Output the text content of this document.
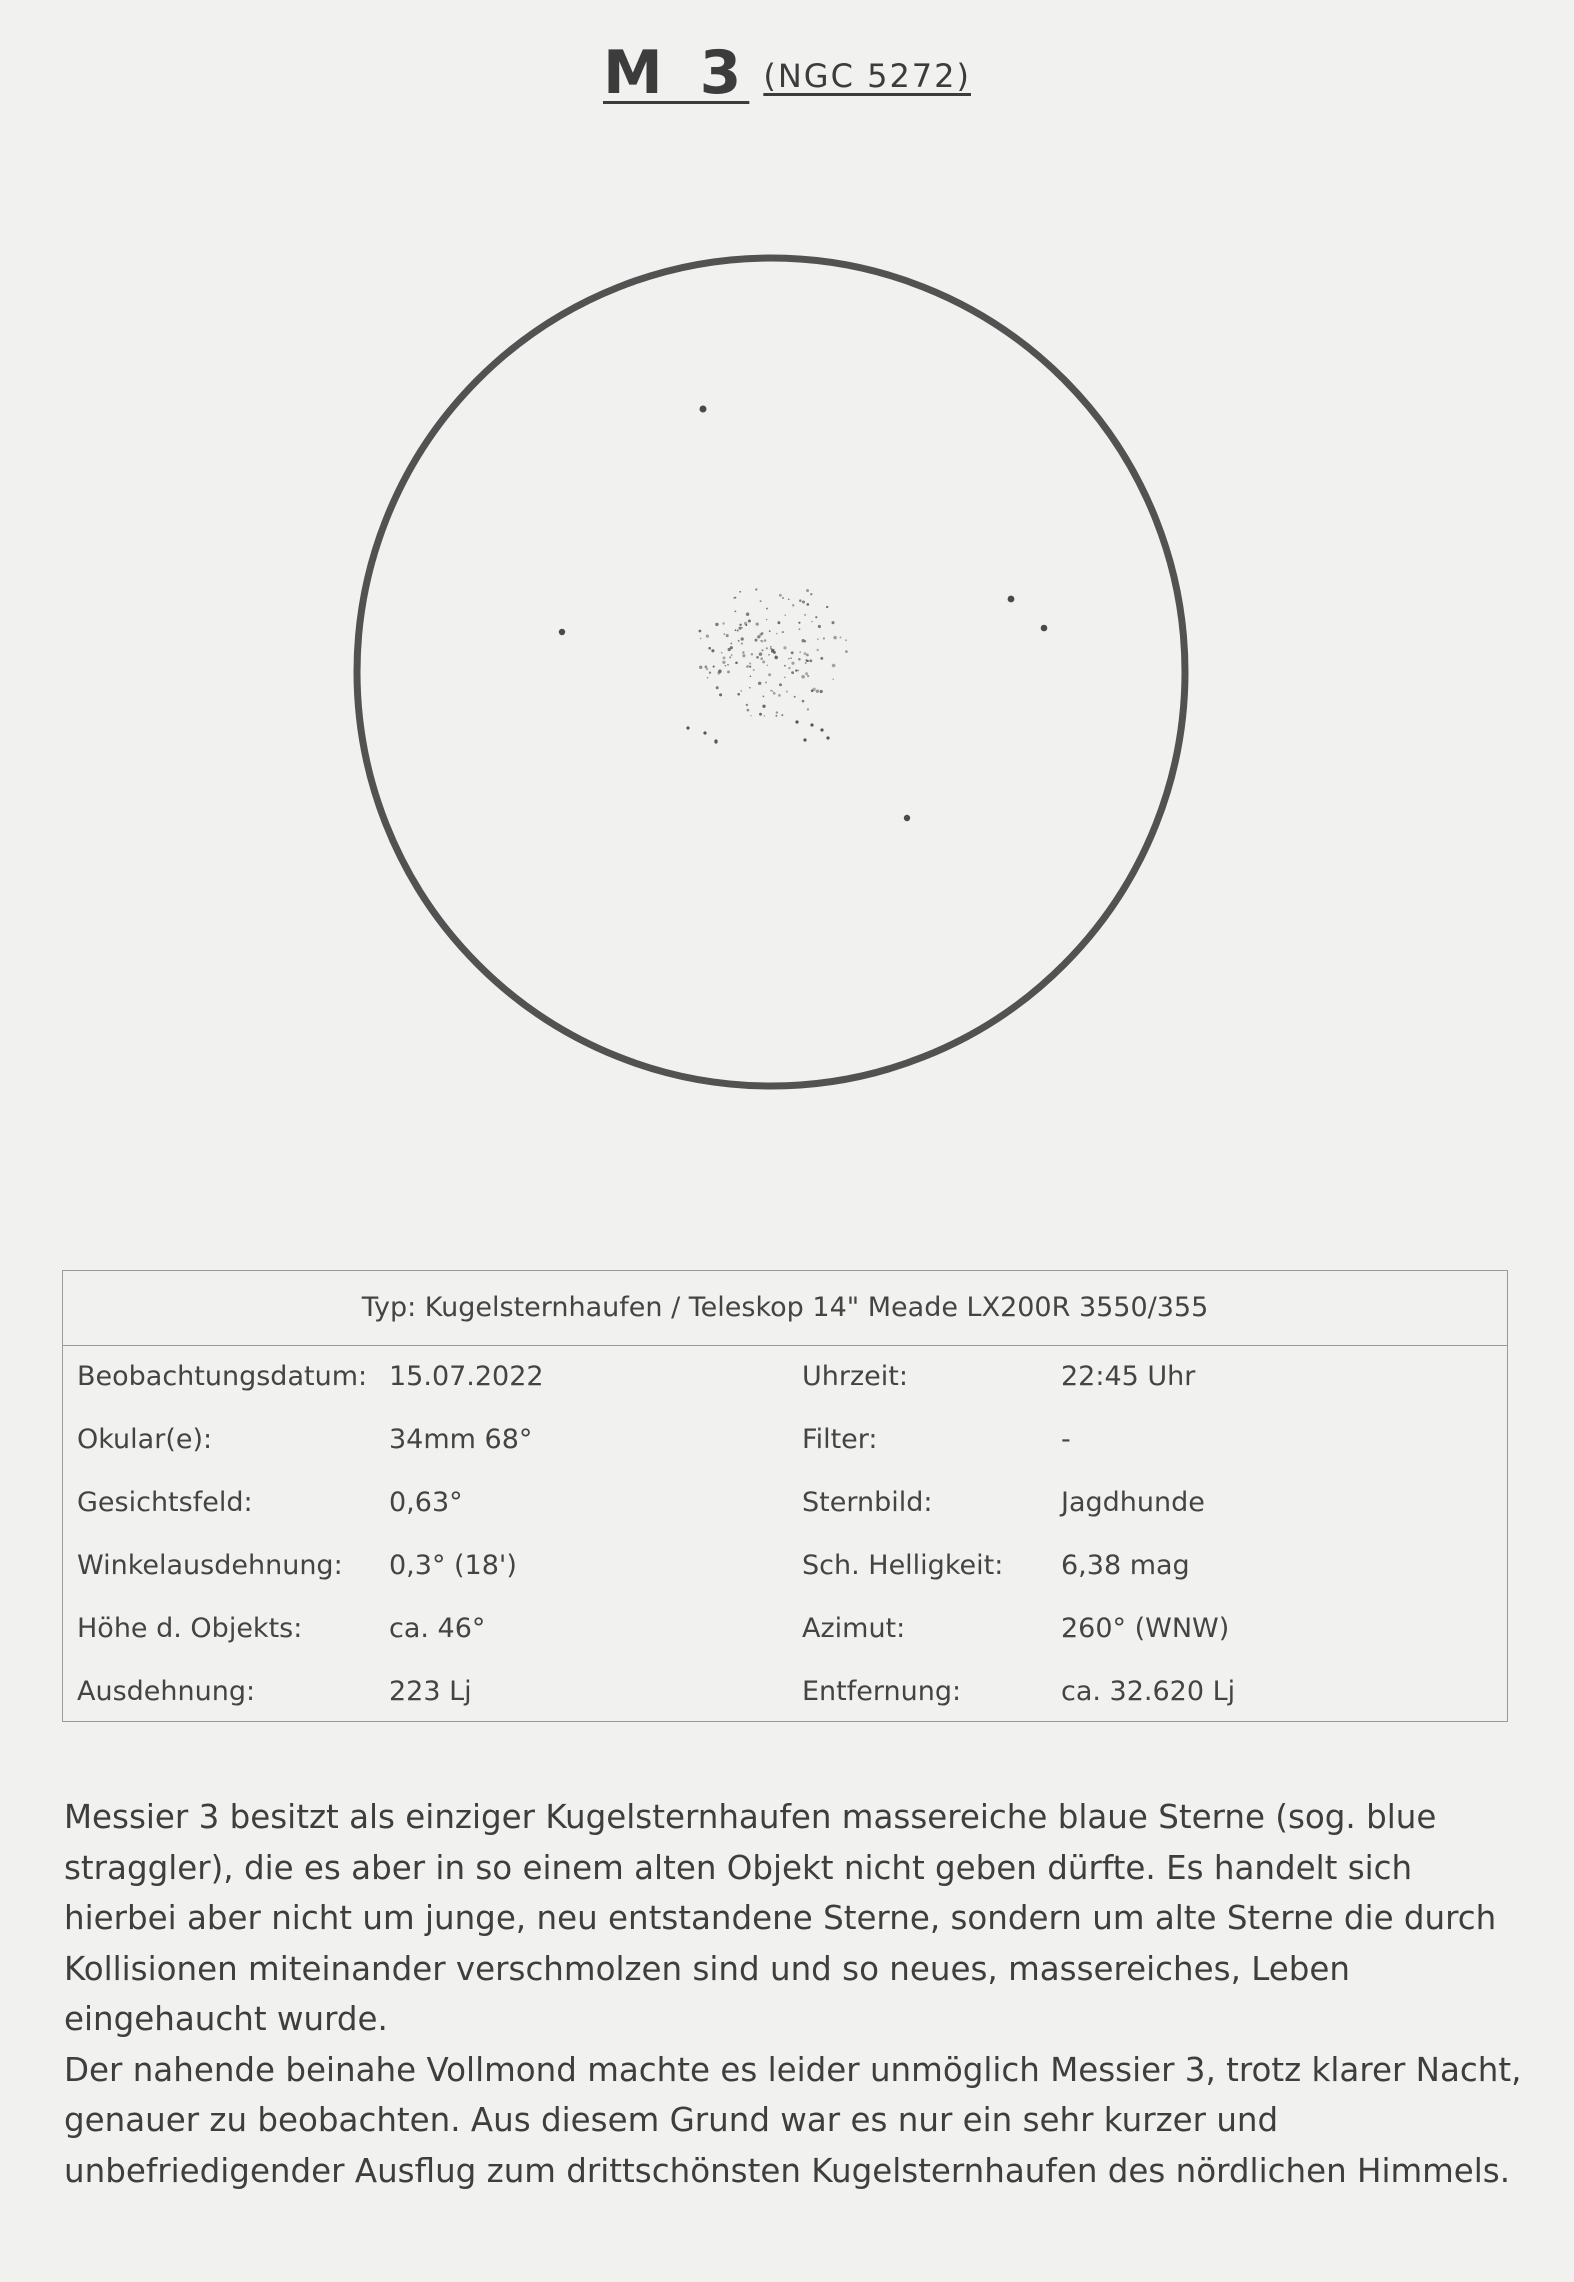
M 3 (NGC 5272)
Typ: Kugelsternhaufen / Teleskop 14" Meade LX200R 3550/355
Beobachtungsdatum: 15.07.2022	Uhrzeit:	22:45 Uhr
Okular(e):	34mm 68°	Filter:	-
Gesichtsfeld:	0,63°	Sternbild:	Jagdhunde
Winkelausdehnung: 0,3° (18')	Sch. Helligkeit: 6,38 mag
Höhe d. Objekts:	ca. 46°	Azimut:	260° (WNW)
Ausdehnung:	223 Lj	Entfernung:	ca. 32.620 Lj

Messier 3 besitzt als einziger Kugelsternhaufen massereiche blaue Sterne (sog. blue straggler), die es aber in so einem alten Objekt nicht geben dürfte. Es handelt sich hierbei aber nicht um junge, neu entstandene Sterne, sondern um alte Sterne die durch Kollisionen miteinander verschmolzen sind und so neues, massereiches, Leben eingehaucht wurde.

Der nahende beinahe Vollmond machte es leider unmöglich Messier 3, trotz klarer Nacht, genauer zu beobachten. Aus diesem Grund war es nur ein sehr kurzer und unbefriedigender Ausflug zum drittschönsten Kugelsternhaufen des nördlichen Himmels.
